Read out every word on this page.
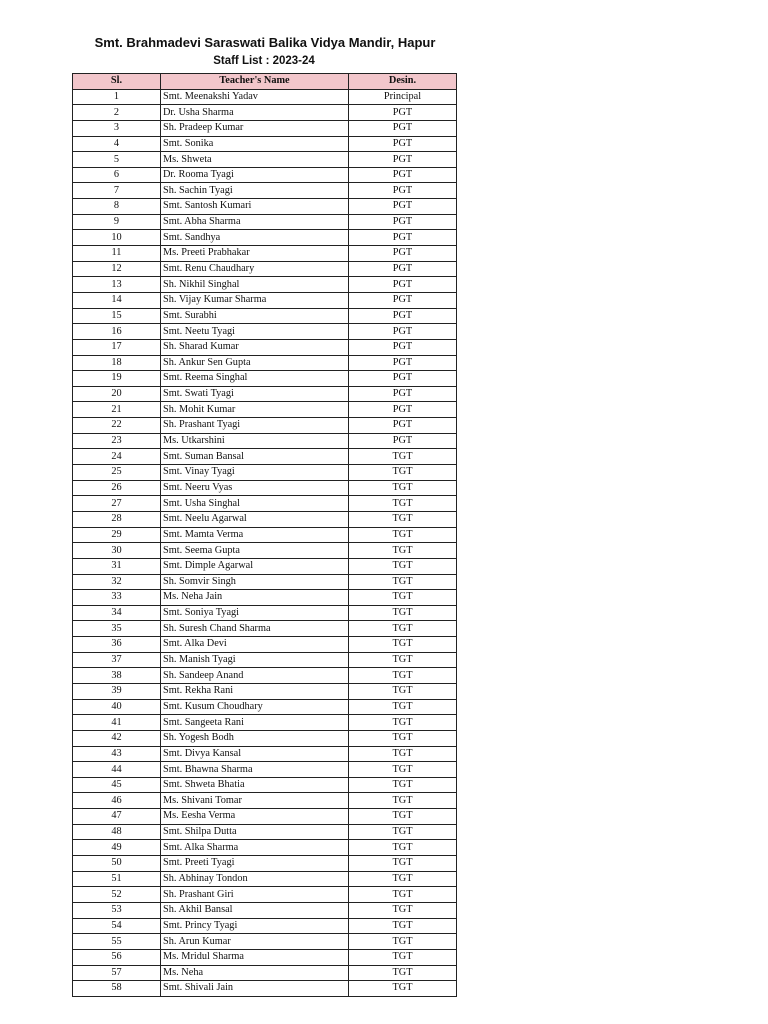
Smt. Brahmadevi Saraswati Balika Vidya Mandir, Hapur
Staff List : 2023-24
Sl.	Teacher's Name	Desin.
1	Smt. Meenakshi Yadav	Principal
2	Dr. Usha Sharma	PGT
3	Sh. Pradeep Kumar	PGT
4	Smt. Sonika	PGT
5	Ms. Shweta	PGT
6	Dr. Rooma Tyagi	PGT
7	Sh. Sachin Tyagi	PGT
8	Smt. Santosh Kumari	PGT
9	Smt. Abha Sharma	PGT
10	Smt. Sandhya	PGT
11	Ms. Preeti Prabhakar	PGT
12	Smt. Renu Chaudhary	PGT
13	Sh. Nikhil Singhal	PGT
14	Sh. Vijay Kumar Sharma	PGT
15	Smt. Surabhi	PGT
16	Smt. Neetu Tyagi	PGT
17	Sh. Sharad Kumar	PGT
18	Sh. Ankur Sen Gupta	PGT
19	Smt. Reema Singhal	PGT
20	Smt. Swati Tyagi	PGT
21	Sh. Mohit Kumar	PGT
22	Sh. Prashant Tyagi	PGT
23	Ms. Utkarshini	PGT
24	Smt. Suman Bansal	TGT
25	Smt. Vinay Tyagi	TGT
26	Smt. Neeru Vyas	TGT
27	Smt. Usha Singhal	TGT
28	Smt. Neelu Agarwal	TGT
29	Smt. Mamta Verma	TGT
30	Smt. Seema Gupta	TGT
31	Smt. Dimple Agarwal	TGT
32	Sh. Somvir Singh	TGT
33	Ms. Neha Jain	TGT
34	Smt. Soniya Tyagi	TGT
35	Sh. Suresh Chand Sharma	TGT
36	Smt. Alka Devi	TGT
37	Sh. Manish Tyagi	TGT
38	Sh. Sandeep Anand	TGT
39	Smt. Rekha Rani	TGT
40	Smt. Kusum Choudhary	TGT
41	Smt. Sangeeta Rani	TGT
42	Sh. Yogesh Bodh	TGT
43	Smt. Divya Kansal	TGT
44	Smt. Bhawna Sharma	TGT
45	Smt. Shweta Bhatia	TGT
46	Ms. Shivani Tomar	TGT
47	Ms. Eesha Verma	TGT
48	Smt. Shilpa Dutta	TGT
49	Smt. Alka Sharma	TGT
50	Smt. Preeti Tyagi	TGT
51	Sh. Abhinay Tondon	TGT
52	Sh. Prashant Giri	TGT
53	Sh. Akhil Bansal	TGT
54	Smt. Princy Tyagi	TGT
55	Sh. Arun Kumar	TGT
56	Ms. Mridul Sharma	TGT
57	Ms. Neha	TGT
58	Smt. Shivali Jain	TGT
